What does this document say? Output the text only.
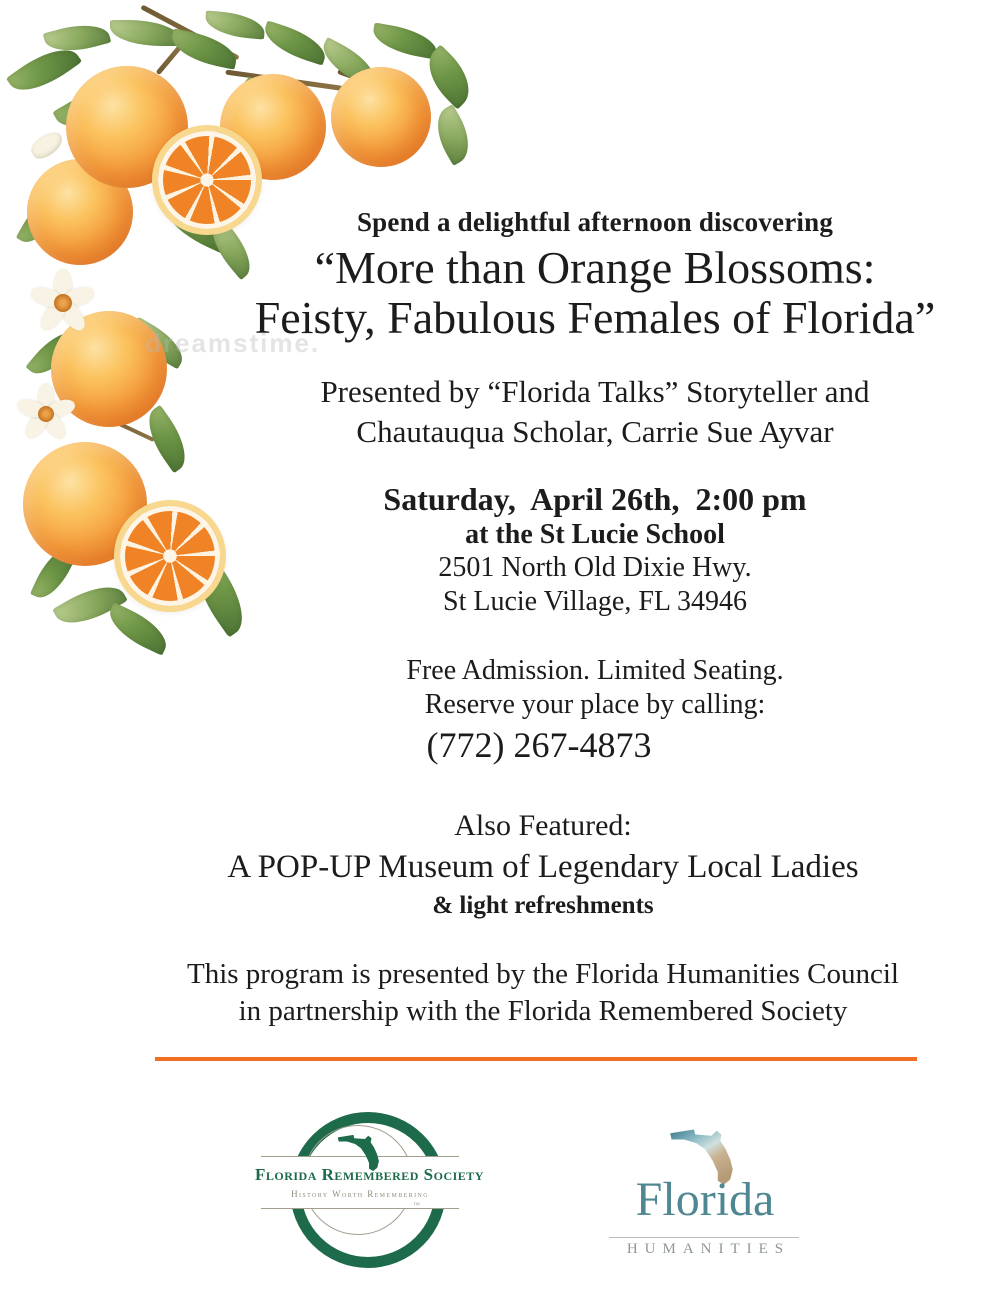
dreamstime.
Spend a delightful afternoon discovering
“More than Orange Blossoms:
Feisty, Fabulous Females of Florida”
Presented by “Florida Talks” Storyteller and
Chautauqua Scholar, Carrie Sue Ayvar
Saturday,  April 26th,  2:00 pm
at the St Lucie School
2501 North Old Dixie Hwy.
St Lucie Village, FL 34946
Free Admission. Limited Seating.
Reserve your place by calling:
(772) 267-4873
Also Featured:
A POP-UP Museum of Legendary Local Ladies
& light refreshments
This program is presented by the Florida Humanities Council
in partnership with the Florida Remembered Society
Florida Remembered Society
History Worth Remembering
™	Florida
HUMANITIES
